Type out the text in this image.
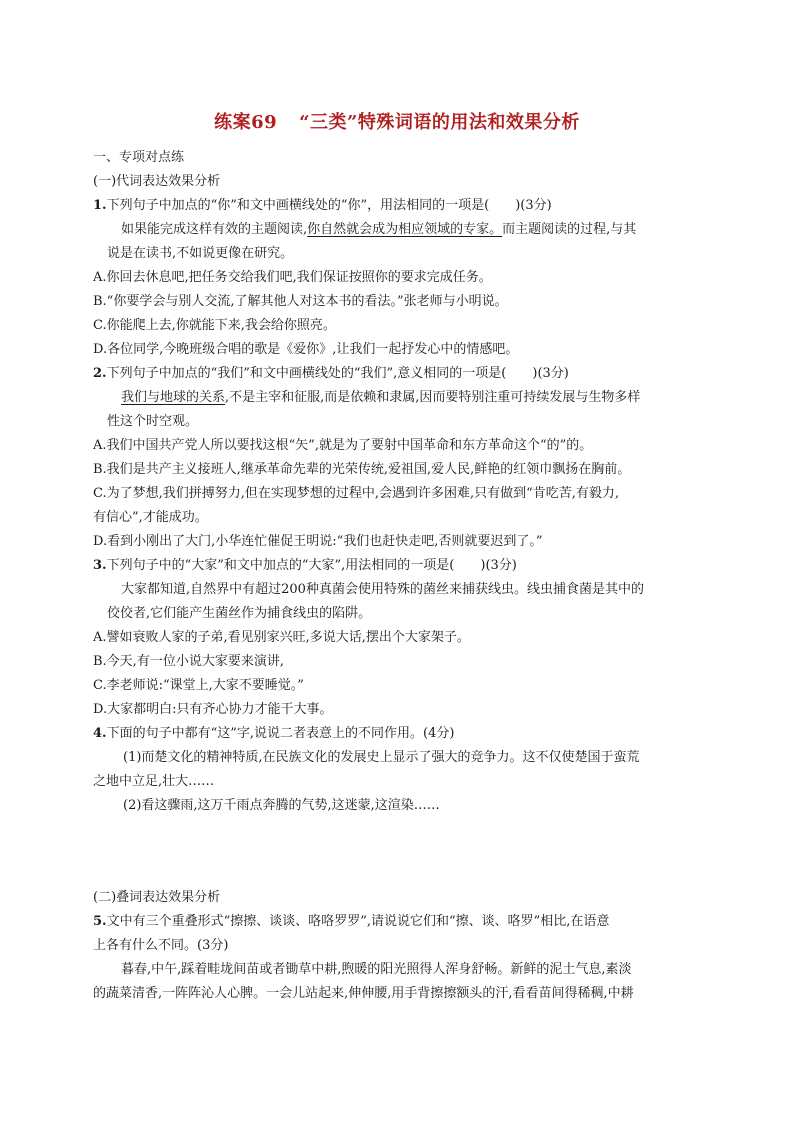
练案69 “三类”特殊词语的用法和效果分析
一、专项对点练
(一)代词表达效果分析
1.下列句子中加点的“你”和文中画横线处的“你”，用法相同的一项是(　　)(3分)
如果能完成这样有效的主题阅读,你自然就会成为相应领域的专家。而主题阅读的过程,与其
说是在读书,不如说更像在研究。
A.你回去休息吧,把任务交给我们吧,我们保证按照你的要求完成任务。
B.“你要学会与别人交流,了解其他人对这本书的看法。”张老师与小明说。
C.你能爬上去,你就能下来,我会给你照亮。
D.各位同学,今晚班级合唱的歌是《爱你》,让我们一起抒发心中的情感吧。
2.下列句子中加点的“我们”和文中画横线处的“我们”,意义相同的一项是(　　)(3分)
我们与地球的关系,不是主宰和征服,而是依赖和隶属,因而要特别注重可持续发展与生物多样
性这个时空观。
A.我们中国共产党人所以要找这根“矢”,就是为了要射中国革命和东方革命这个“的”的。
B.我们是共产主义接班人,继承革命先辈的光荣传统,爱祖国,爱人民,鲜艳的红领巾飘扬在胸前。
C.为了梦想,我们拼搏努力,但在实现梦想的过程中,会遇到许多困难,只有做到“肯吃苦,有毅力,
有信心”,才能成功。
D.看到小刚出了大门,小华连忙催促王明说:“我们也赶快走吧,否则就要迟到了。”
3.下列句子中的“大家”和文中加点的“大家”,用法相同的一项是(　　)(3分)
大家都知道,自然界中有超过200种真菌会使用特殊的菌丝来捕获线虫。线虫捕食菌是其中的
佼佼者,它们能产生菌丝作为捕食线虫的陷阱。
A.譬如衰败人家的子弟,看见别家兴旺,多说大话,摆出个大家架子。
B.今天,有一位小说大家要来演讲,
C.李老师说:“课堂上,大家不要睡觉。”
D.大家都明白:只有齐心协力才能干大事。
4.下面的句子中都有“这”字,说说二者表意上的不同作用。(4分)
(1)而楚文化的精神特质,在民族文化的发展史上显示了强大的竞争力。这不仅使楚国于蛮荒
之地中立足,壮大……
(2)看这骤雨,这万千雨点奔腾的气势,这迷蒙,这渲染……
(二)叠词表达效果分析
5.文中有三个重叠形式“擦擦、谈谈、咯咯罗罗”,请说说它们和“擦、谈、咯罗”相比,在语意
上各有什么不同。(3分)
暮春,中午,踩着畦垅间苗或者锄草中耕,煦暖的阳光照得人浑身舒畅。新鲜的泥土气息,素淡
的蔬菜清香,一阵阵沁人心脾。一会儿站起来,伸伸腰,用手背擦擦额头的汗,看看苗间得稀稠,中耕
